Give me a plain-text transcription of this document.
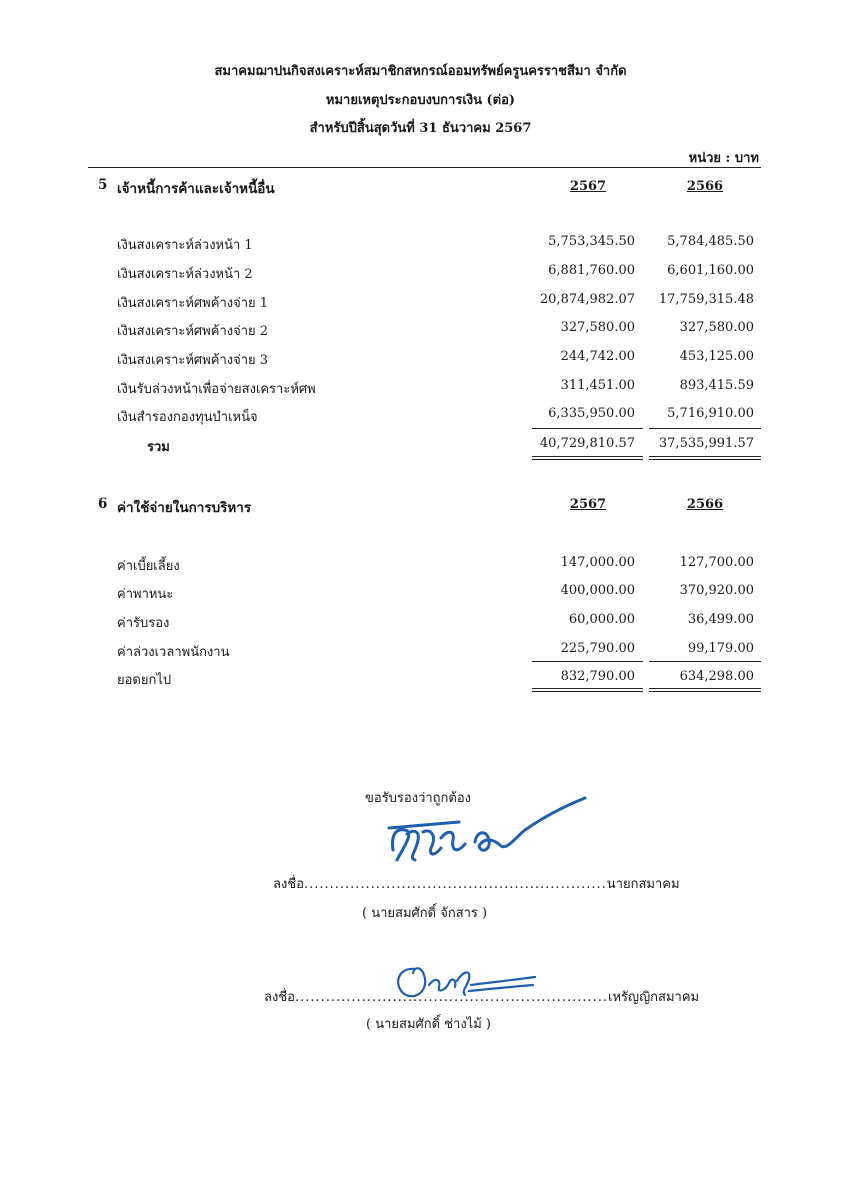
สมาคมฌาปนกิจสงเคราะห์สมาชิกสหกรณ์ออมทรัพย์ครูนครราชสีมา จำกัด
หมายเหตุประกอบงบการเงิน (ต่อ)
สำหรับปีสิ้นสุดวันที่ 31 ธันวาคม 2567
หน่วย : บาท
5 เจ้าหนี้การค้าและเจ้าหนี้อื่น	2567	2566
เงินสงเคราะห์ล่วงหน้า 1	5,753,345.50	5,784,485.50
เงินสงเคราะห์ล่วงหน้า 2	6,881,760.00	6,601,160.00
เงินสงเคราะห์ศพค้างจ่าย 1	20,874,982.07	17,759,315.48
เงินสงเคราะห์ศพค้างจ่าย 2	327,580.00	327,580.00
เงินสงเคราะห์ศพค้างจ่าย 3	244,742.00	453,125.00
เงินรับล่วงหน้าเพื่อจ่ายสงเคราะห์ศพ	311,451.00	893,415.59
เงินสำรองกองทุนบำเหน็จ	6,335,950.00	5,716,910.00
รวม	40,729,810.57	37,535,991.57
6 ค่าใช้จ่ายในการบริหาร	2567	2566
ค่าเบี้ยเลี้ยง	147,000.00	127,700.00
ค่าพาหนะ	400,000.00	370,920.00
ค่ารับรอง	60,000.00	36,499.00
ค่าล่วงเวลาพนักงาน	225,790.00	99,179.00
ยอดยกไป	832,790.00	634,298.00
ขอรับรองว่าถูกต้อง
ลงชื่อ...........................................................นายกสมาคม
( นายสมศักดิ์ จักสาร )
ลงชื่อ.............................................................เหรัญญิกสมาคม
( นายสมศักดิ์ ช่างไม้ )
